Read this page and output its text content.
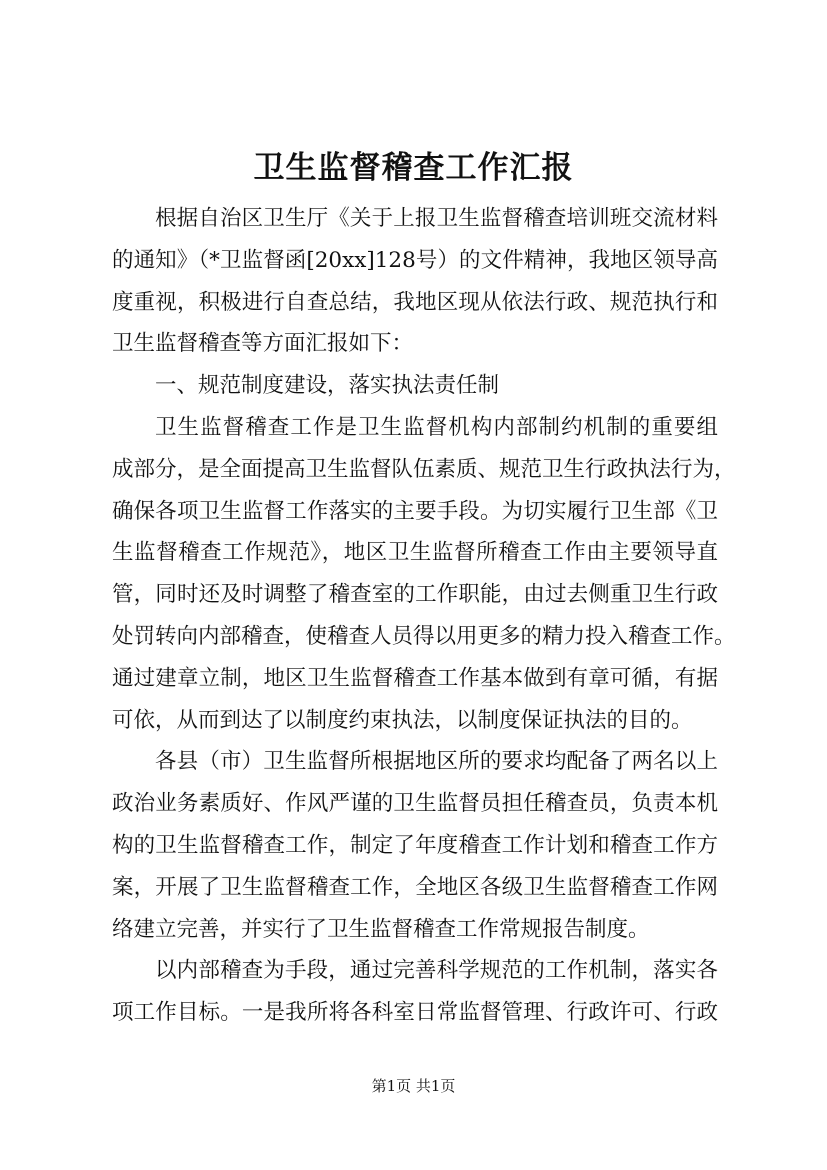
卫生监督稽查工作汇报
根据自治区卫生厅《关于上报卫生监督稽查培训班交流材料
的通知》（*卫监督函[20xx]128号）的文件精神，我地区领导高
度重视，积极进行自查总结，我地区现从依法行政、规范执行和
卫生监督稽查等方面汇报如下：
一、规范制度建设，落实执法责任制
卫生监督稽查工作是卫生监督机构内部制约机制的重要组
成部分，是全面提高卫生监督队伍素质、规范卫生行政执法行为，
确保各项卫生监督工作落实的主要手段。为切实履行卫生部《卫
生监督稽查工作规范》，地区卫生监督所稽查工作由主要领导直
管，同时还及时调整了稽查室的工作职能，由过去侧重卫生行政
处罚转向内部稽查，使稽查人员得以用更多的精力投入稽查工作。
通过建章立制，地区卫生监督稽查工作基本做到有章可循，有据
可依，从而到达了以制度约束执法，以制度保证执法的目的。
各县（市）卫生监督所根据地区所的要求均配备了两名以上
政治业务素质好、作风严谨的卫生监督员担任稽查员，负责本机
构的卫生监督稽查工作，制定了年度稽查工作计划和稽查工作方
案，开展了卫生监督稽查工作，全地区各级卫生监督稽查工作网
络建立完善，并实行了卫生监督稽查工作常规报告制度。
以内部稽查为手段，通过完善科学规范的工作机制，落实各
项工作目标。一是我所将各科室日常监督管理、行政许可、行政
第1页 共1页
